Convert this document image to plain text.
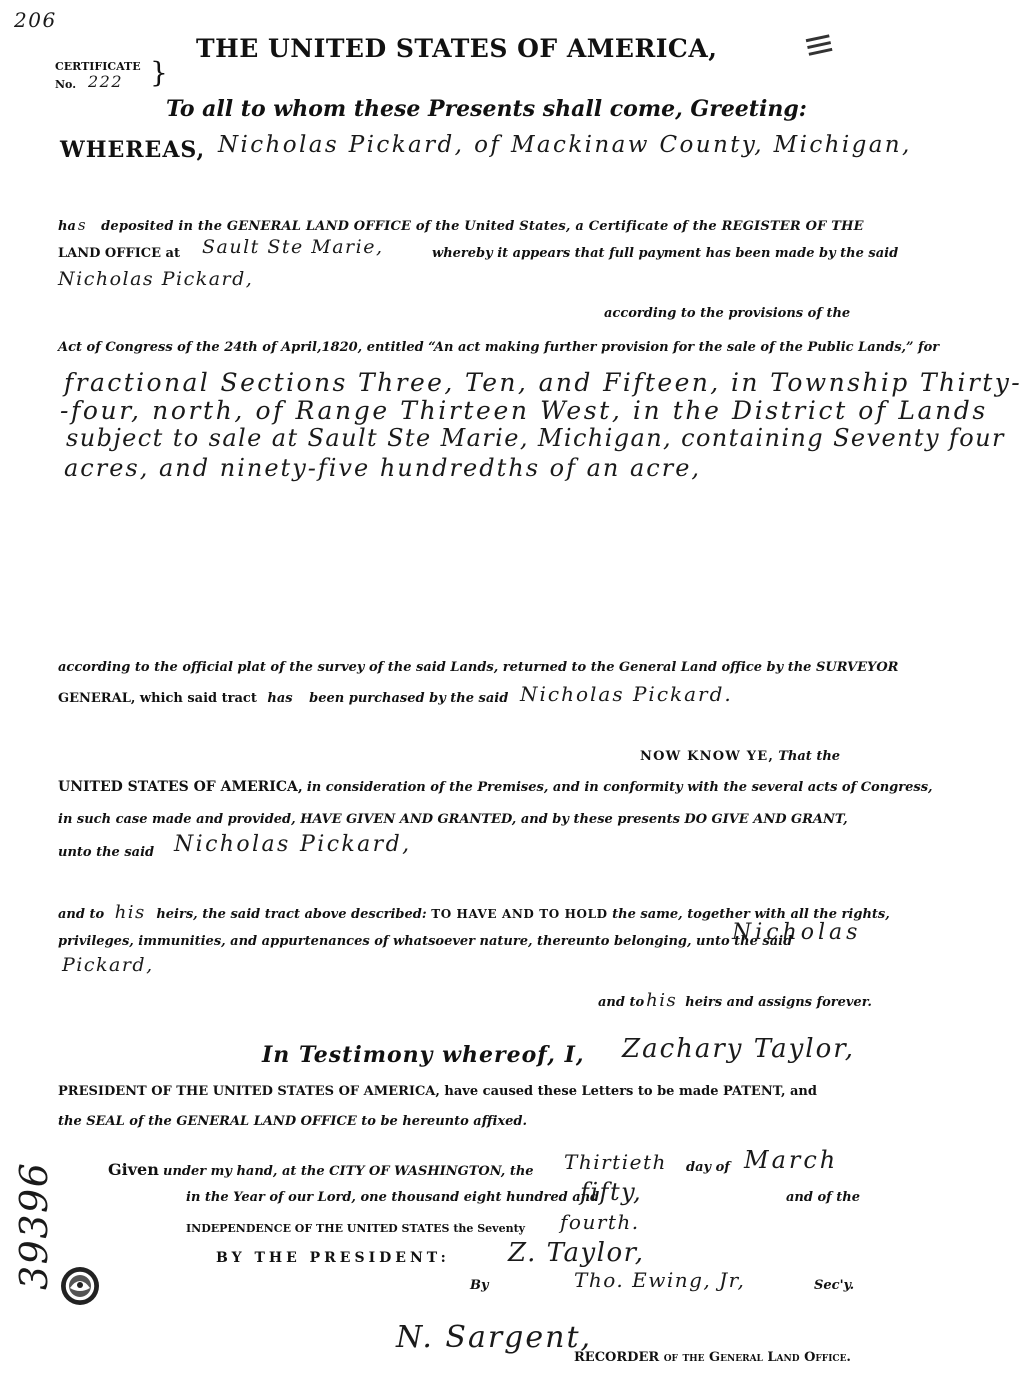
206	≡
39396
CERTIFICATE
No. 222 }
THE UNITED STATES OF AMERICA,
To all to whom these Presents shall come, Greeting:
WHEREAS, Nicholas Pickard, of Mackinaw County, Michigan,
ha s deposited in the GENERAL LAND OFFICE of the United States, a Certificate of the REGISTER OF THE
LAND OFFICE at Sault Ste Marie,	whereby it appears that full payment has been made by the said
Nicholas Pickard,
according to the provisions of the
Act of Congress of the 24th of April,1820, entitled “An act making further provision for the sale of the Public Lands,” for
fractional Sections Three, Ten, and Fifteen, in Township Thirty-
-four, north, of Range Thirteen West, in the District of Lands
subject to sale at Sault Ste Marie, Michigan, containing Seventy four
acres, and ninety-five hundredths of an acre,
according to the official plat of the survey of the said Lands, returned to the General Land office by the SURVEYOR
GENERAL, which said tract has been purchased by the said Nicholas Pickard.
NOW KNOW YE, That the
UNITED STATES OF AMERICA, in consideration of the Premises, and in conformity with the several acts of Congress,
in such case made and provided, HAVE GIVEN AND GRANTED, and by these presents DO GIVE AND GRANT,
unto the said Nicholas Pickard,
and to his heirs, the said tract above described: TO HAVE AND TO HOLD the same, together with all the rights,
privileges, immunities, and appurtenances of whatsoever nature, thereunto belonging, unto the said
Nicholas
Pickard,
and to his heirs and assigns forever.
In Testimony whereof, I, Zachary Taylor,
PRESIDENT OF THE UNITED STATES OF AMERICA, have caused these Letters to be made PATENT, and
the SEAL of the GENERAL LAND OFFICE to be hereunto affixed.
Given under my hand, at the CITY OF WASHINGTON, the Thirtieth day of March
in the Year of our Lord, one thousand eight hundred and
fifty,	and of the
INDEPENDENCE OF THE UNITED STATES the Seventy fourth.
BY THE PRESIDENT: Z. Taylor,
By	Tho. Ewing, Jr,	Sec'y.
N. Sargent,
RECORDER of the General Land Office.
